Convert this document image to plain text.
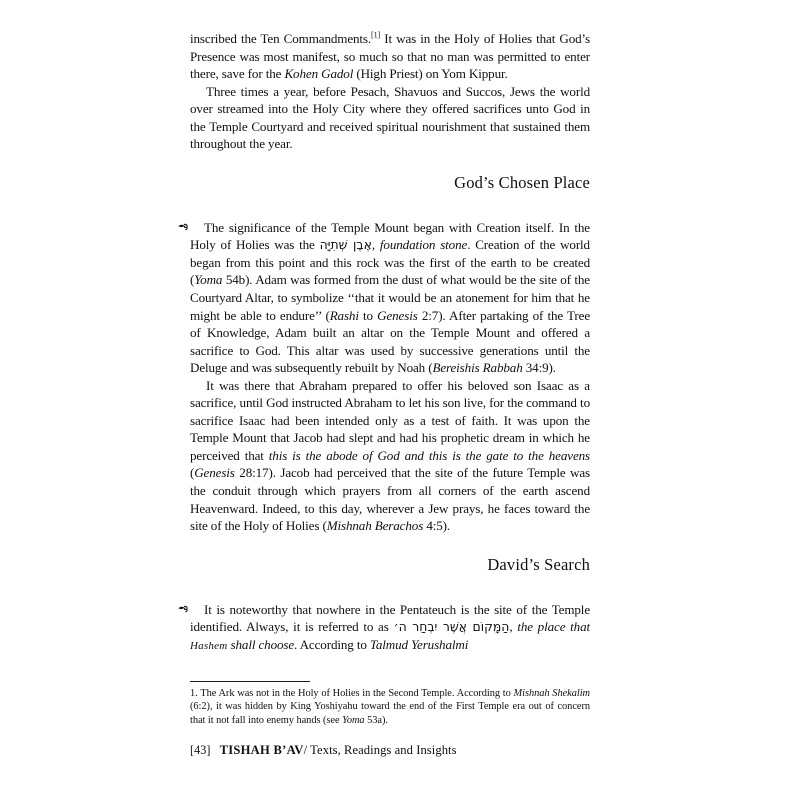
inscribed the Ten Commandments.[1] It was in the Holy of Holies that God’s Presence was most manifest, so much so that no man was permitted to enter there, save for the Kohen Gadol (High Priest) on Yom Kippur.

Three times a year, before Pesach, Shavuos and Succos, Jews the world over streamed into the Holy City where they offered sacrifices unto God in the Temple Courtyard and received spiritual nourishment that sustained them throughout the year.

God’s Chosen Place

The significance of the Temple Mount began with Creation itself. In the Holy of Holies was the אֶבֶן שְׁתִיָּה, foundation stone. Creation of the world began from this point and this rock was the first of the earth to be created (Yoma 54b). Adam was formed from the dust of what would be the site of the Courtyard Altar, to symbolize ‘‘that it would be an atonement for him that he might be able to endure’’ (Rashi to Genesis 2:7). After partaking of the Tree of Knowledge, Adam built an altar on the Temple Mount and offered a sacrifice to God. This altar was used by successive generations until the Deluge and was subsequently rebuilt by Noah (Bereishis Rabbah 34:9).

It was there that Abraham prepared to offer his beloved son Isaac as a sacrifice, until God instructed Abraham to let his son live, for the command to sacrifice Isaac had been intended only as a test of faith. It was upon the Temple Mount that Jacob had slept and had his prophetic dream in which he perceived that this is the abode of God and this is the gate to the heavens (Genesis 28:17). Jacob had perceived that the site of the future Temple was the conduit through which prayers from all corners of the earth ascend Heavenward. Indeed, to this day, wherever a Jew prays, he faces toward the site of the Holy of Holies (Mishnah Berachos 4:5).

David’s Search

It is noteworthy that nowhere in the Pentateuch is the site of the Temple identified. Always, it is referred to as הַמָּקוֹם אֲשֶׁר יִבְחַר ה׳, the place that Hashem shall choose. According to Talmud Yerushalmi

1. The Ark was not in the Holy of Holies in the Second Temple. According to Mishnah Shekalim (6:2), it was hidden by King Yoshiyahu toward the end of the First Temple era out of concern that it not fall into enemy hands (see Yoma 53a).

[43] TISHAH B’AV/ Texts, Readings and Insights
